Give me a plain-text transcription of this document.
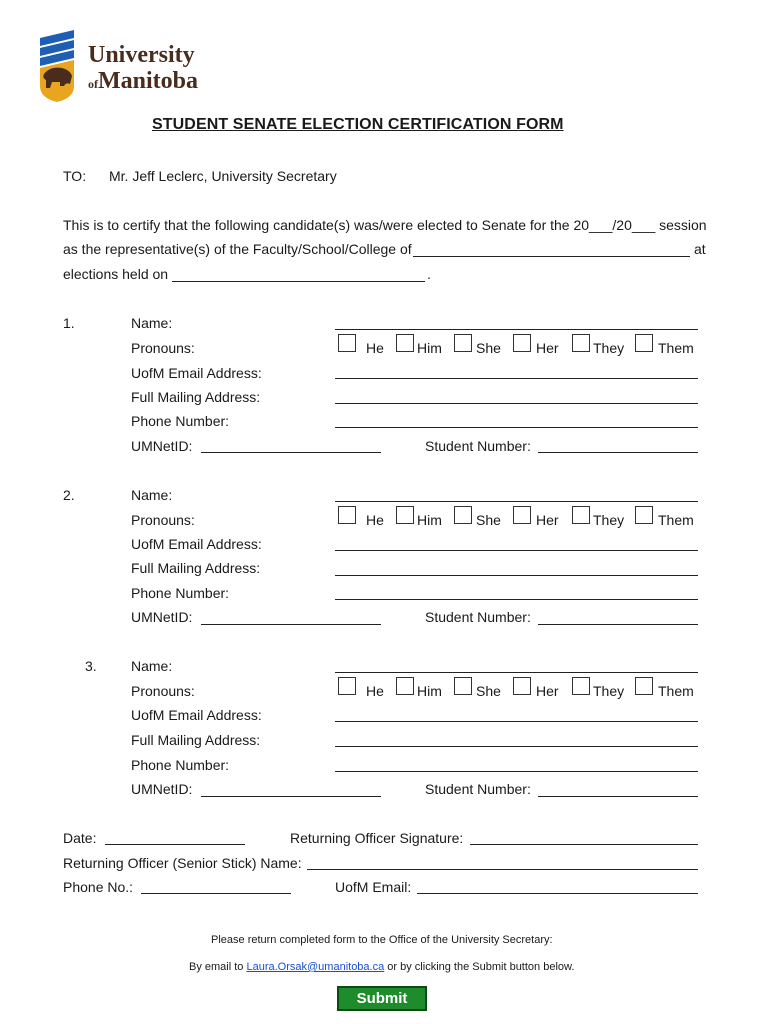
University
ofManitoba
STUDENT SENATE ELECTION CERTIFICATION FORM
TO: Mr. Jeff Leclerc, University Secretary
This is to certify that the following candidate(s) was/were elected to Senate for the 20___/20___ session
as the representative(s) of the Faculty/School/College of	at
elections held on	.
1.	Name:
Pronouns:	He Him She	Her They Them
UofM Email Address:
Full Mailing Address:
Phone Number:
UMNetID:	Student Number:
2.	Name:
Pronouns:	He Him She	Her They Them
UofM Email Address:
Full Mailing Address:
Phone Number:
UMNetID:	Student Number:
3. Name:
Pronouns:	He Him She	Her They Them
UofM Email Address:
Full Mailing Address:
Phone Number:
UMNetID:	Student Number:
Date:	Returning Officer Signature:
Returning Officer (Senior Stick) Name:
Phone No.:	UofM Email:
Please return completed form to the Office of the University Secretary:
By email to Laura.Orsak@umanitoba.ca or by clicking the Submit button below.
Submit
